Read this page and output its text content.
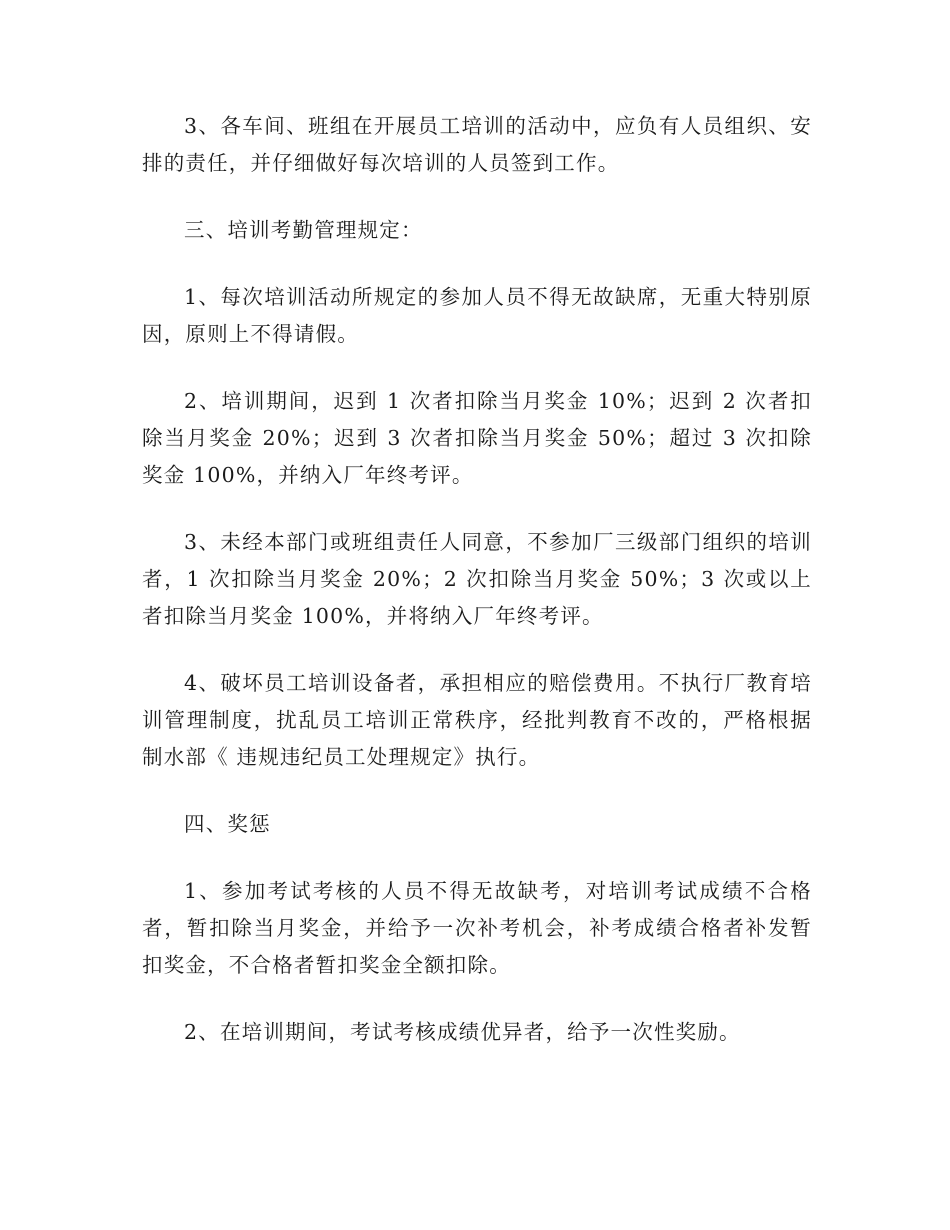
3、各车间、班组在开展员工培训的活动中，应负有人员组织、安排的责任，并仔细做好每次培训的人员签到工作。

三、培训考勤管理规定：

1、每次培训活动所规定的参加人员不得无故缺席，无重大特别原因，原则上不得请假。

2、培训期间，迟到 1 次者扣除当月奖金 10%；迟到 2 次者扣除当月奖金 20%；迟到 3 次者扣除当月奖金 50%；超过 3 次扣除奖金 100%，并纳入厂年终考评。

3、未经本部门或班组责任人同意，不参加厂三级部门组织的培训者，1 次扣除当月奖金 20%；2 次扣除当月奖金 50%；3 次或以上者扣除当月奖金 100%，并将纳入厂年终考评。

4、破坏员工培训设备者，承担相应的赔偿费用。不执行厂教育培训管理制度，扰乱员工培训正常秩序，经批判教育不改的，严格根据制水部《 违规违纪员工处理规定》执行。

四、奖惩

1、参加考试考核的人员不得无故缺考，对培训考试成绩不合格者，暂扣除当月奖金，并给予一次补考机会，补考成绩合格者补发暂扣奖金，不合格者暂扣奖金全额扣除。

2、在培训期间，考试考核成绩优异者，给予一次性奖励。
